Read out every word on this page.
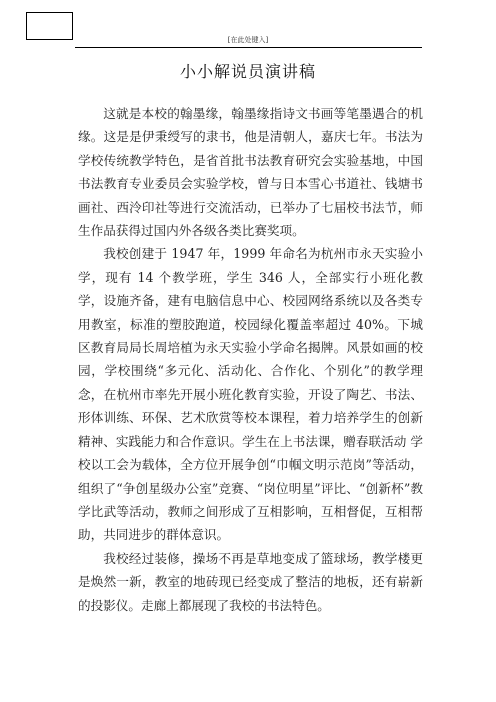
[在此处键入]
小小解说员演讲稿

这就是本校的翰墨缘，翰墨缘指诗文书画等笔墨遇合的机缘。这是是伊秉绶写的隶书，他是清朝人，嘉庆七年。书法为学校传统教学特色，是省首批书法教育研究会实验基地，中国书法教育专业委员会实验学校，曾与日本雪心书道社、钱塘书画社、西泠印社等进行交流活动，已举办了七届校书法节，师生作品获得过国内外各级各类比赛奖项。

我校创建于 1947 年，1999 年命名为杭州市永天实验小学，现有 14 个教学班，学生 346 人，全部实行小班化教学，设施齐备，建有电脑信息中心、校园网络系统以及各类专用教室，标准的塑胶跑道，校园绿化覆盖率超过 40%。下城区教育局局长周培植为永天实验小学命名揭牌。风景如画的校园，学校围绕“多元化、活动化、合作化、个别化”的教学理念，在杭州市率先开展小班化教育实验，开设了陶艺、书法、形体训练、环保、艺术欣赏等校本课程，着力培养学生的创新精神、实践能力和合作意识。学生在上书法课，赠春联活动 学校以工会为载体，全方位开展争创“巾帼文明示范岗”等活动，组织了“争创星级办公室”竞赛、“岗位明星”评比、“创新杯”教学比武等活动，教师之间形成了互相影响，互相督促，互相帮助，共同进步的群体意识。

我校经过装修，操场不再是草地变成了篮球场，教学楼更是焕然一新，教室的地砖现已经变成了整洁的地板，还有崭新的投影仪。走廊上都展现了我校的书法特色。
